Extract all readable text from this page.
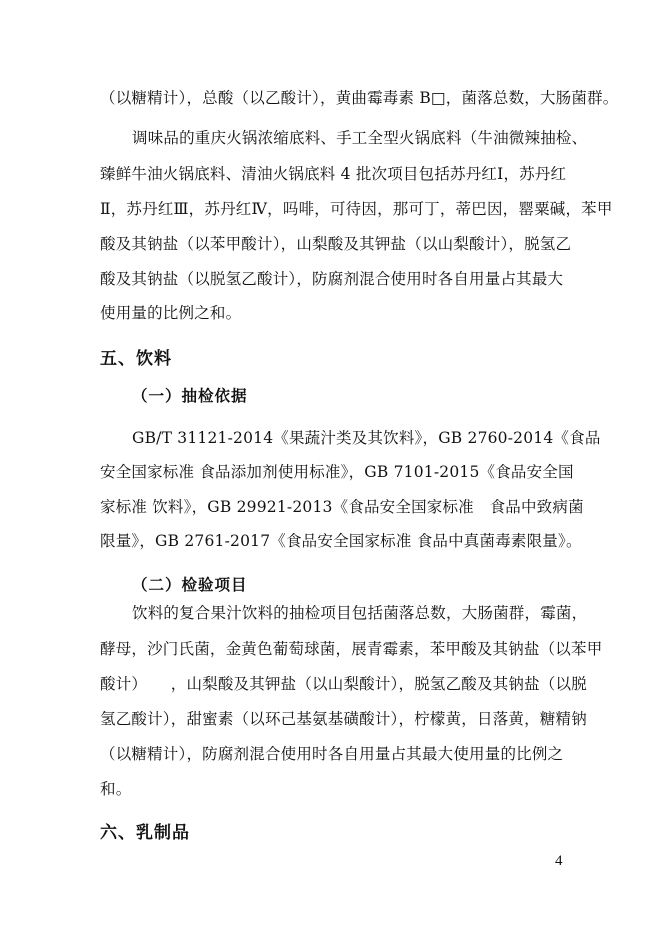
（以糖精计），总酸（以乙酸计），黄曲霉毒素 B□，菌落总数，大肠菌群。
调味品的重庆火锅浓缩底料、手工全型火锅底料（牛油微辣抽检、
臻鲜牛油火锅底料、清油火锅底料 4 批次项目包括苏丹红Ⅰ，苏丹红
Ⅱ，苏丹红Ⅲ，苏丹红Ⅳ，吗啡，可待因，那可丁，蒂巴因，罂粟碱，苯甲
酸及其钠盐（以苯甲酸计），山梨酸及其钾盐（以山梨酸计），脱氢乙
酸及其钠盐（以脱氢乙酸计），防腐剂混合使用时各自用量占其最大
使用量的比例之和。
五、饮料
（一）抽检依据
GB/T 31121-2014《果蔬汁类及其饮料》，GB 2760-2014《食品
安全国家标准 食品添加剂使用标准》，GB 7101-2015《食品安全国
家标准 饮料》，GB 29921-2013《食品安全国家标准　食品中致病菌
限量》，GB 2761-2017《食品安全国家标准 食品中真菌毒素限量》。
（二）检验项目
饮料的复合果汁饮料的抽检项目包括菌落总数，大肠菌群，霉菌，
酵母，沙门氏菌，金黄色葡萄球菌，展青霉素，苯甲酸及其钠盐（以苯甲
酸计）　　，山梨酸及其钾盐（以山梨酸计），脱氢乙酸及其钠盐（以脱
氢乙酸计），甜蜜素（以环己基氨基磺酸计），柠檬黄，日落黄，糖精钠
（以糖精计），防腐剂混合使用时各自用量占其最大使用量的比例之
和。
六、乳制品
4
